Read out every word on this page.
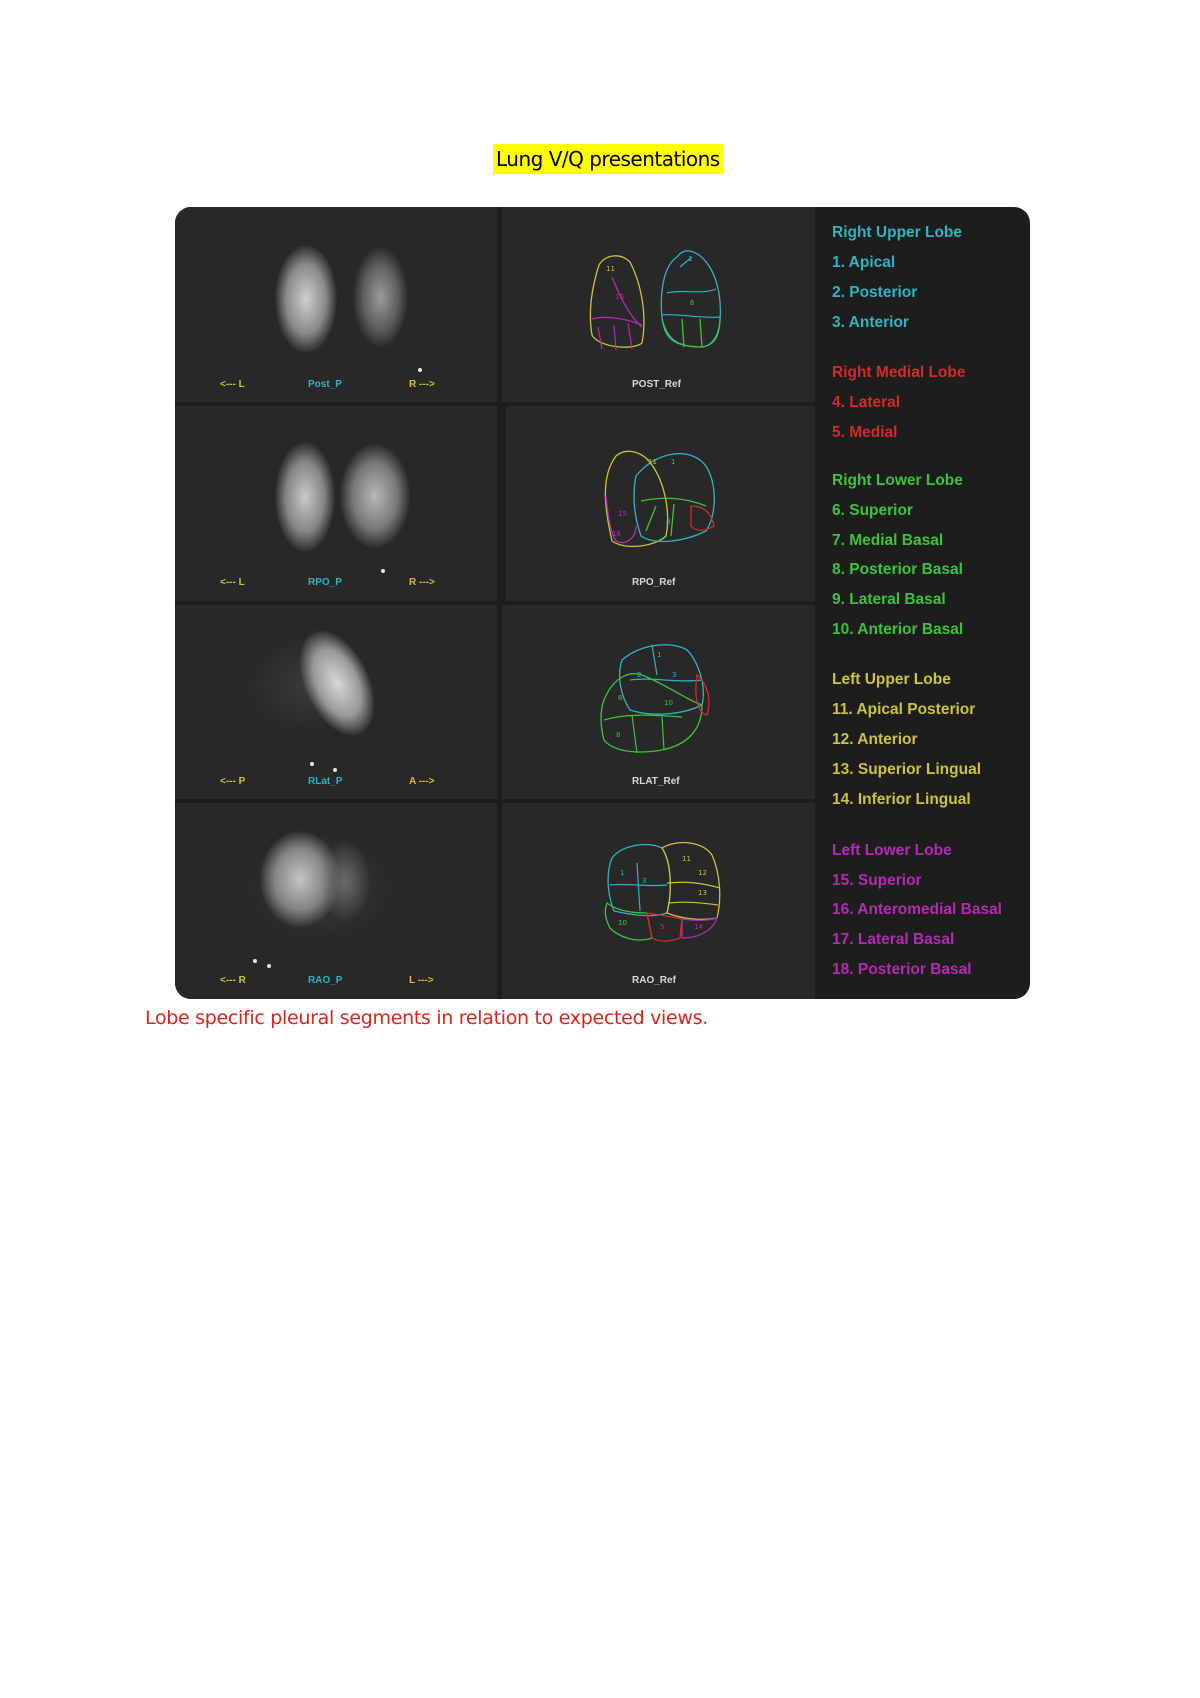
Lung V/Q presentations
<--- L	Post_P	R --->
11
16
1
6
POST_Ref
<--- L	RPO_P	R --->
11 1
15
16
8
RPO_Ref
<--- P	RLat_P	A --->
1
2	3
6
10
8
RLAT_Ref
<--- R	RAO_P	L --->
1
3
11
12
13
10	5	14
RAO_Ref
Right Upper Lobe
1. Apical
2. Posterior
3. Anterior
Right Medial Lobe
4. Lateral
5. Medial
Right Lower Lobe
6. Superior
7. Medial Basal
8. Posterior Basal
9. Lateral Basal
10. Anterior Basal
Left Upper Lobe
11. Apical Posterior
12. Anterior
13. Superior Lingual
14. Inferior Lingual
Left Lower Lobe
15. Superior
16. Anteromedial Basal
17. Lateral Basal
18. Posterior Basal
Lobe specific pleural segments in relation to expected views.
